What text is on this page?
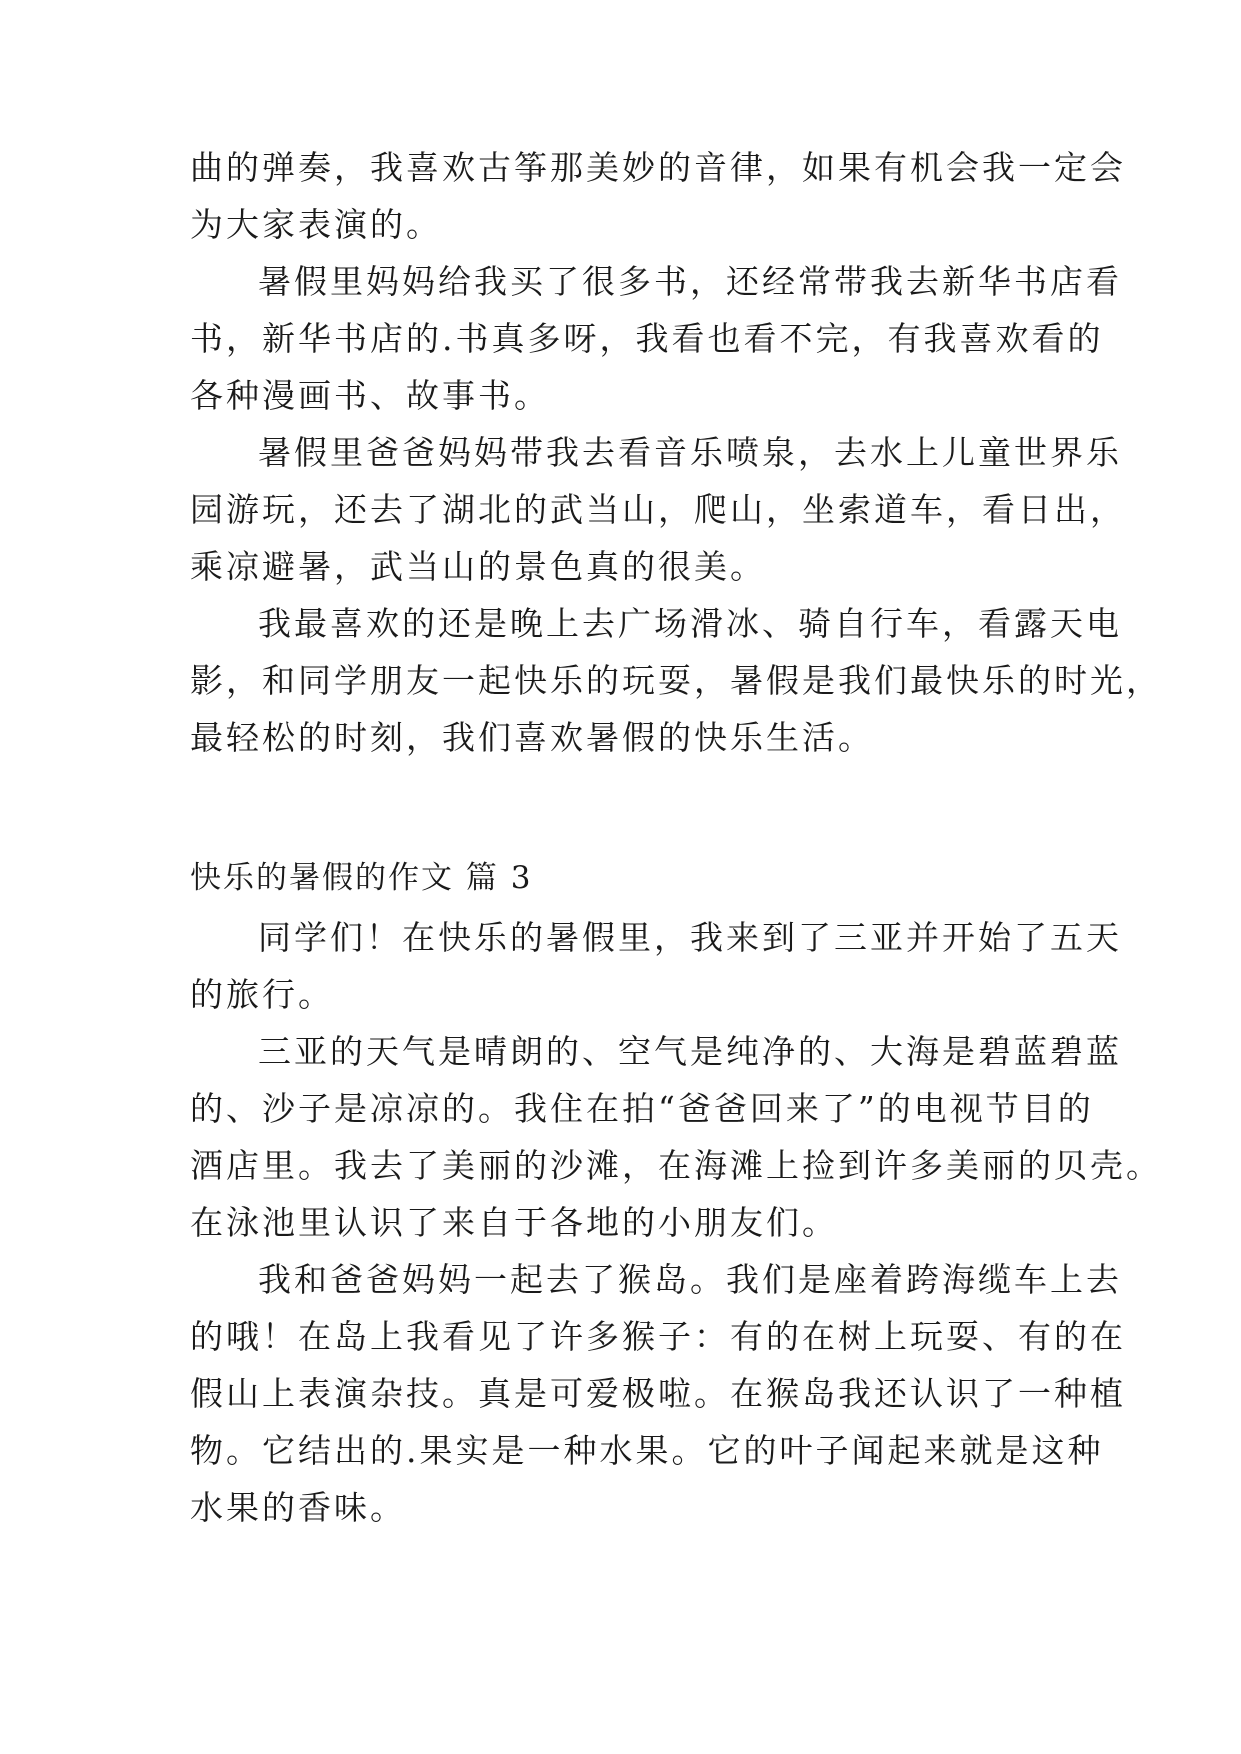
曲的弹奏，我喜欢古筝那美妙的音律，如果有机会我一定会
为大家表演的。
暑假里妈妈给我买了很多书，还经常带我去新华书店看
书，新华书店的.书真多呀，我看也看不完，有我喜欢看的
各种漫画书、故事书。
暑假里爸爸妈妈带我去看音乐喷泉，去水上儿童世界乐
园游玩，还去了湖北的武当山，爬山，坐索道车，看日出，
乘凉避暑，武当山的景色真的很美。
我最喜欢的还是晚上去广场滑冰、骑自行车，看露天电
影，和同学朋友一起快乐的玩耍，暑假是我们最快乐的时光，
最轻松的时刻，我们喜欢暑假的快乐生活。
快乐的暑假的作文 篇 3
同学们！在快乐的暑假里，我来到了三亚并开始了五天
的旅行。
三亚的天气是晴朗的、空气是纯净的、大海是碧蓝碧蓝
的、沙子是凉凉的。我住在拍“爸爸回来了”的电视节目的
酒店里。我去了美丽的沙滩，在海滩上捡到许多美丽的贝壳。
在泳池里认识了来自于各地的小朋友们。
我和爸爸妈妈一起去了猴岛。我们是座着跨海缆车上去
的哦！在岛上我看见了许多猴子：有的在树上玩耍、有的在
假山上表演杂技。真是可爱极啦。在猴岛我还认识了一种植
物。它结出的.果实是一种水果。它的叶子闻起来就是这种
水果的香味。
